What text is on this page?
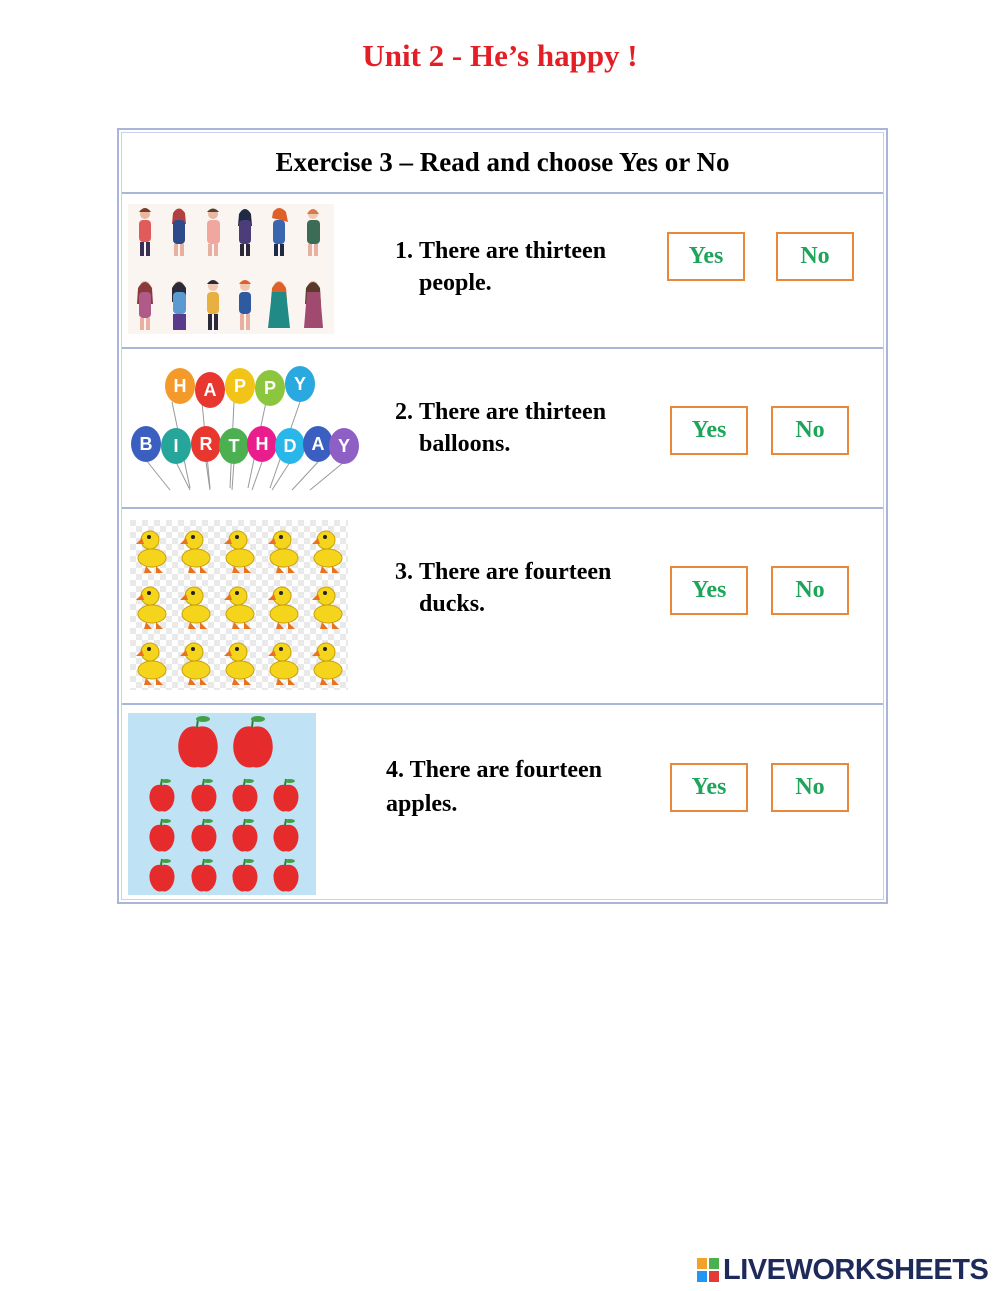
Unit 2 - He’s happy !
Exercise 3 – Read and choose Yes or No
1. There are thirteen people.
Yes	No
H A P P Y
B I R T H D A Y
2. There are thirteen balloons.
Yes	No
3. There are fourteen ducks.
Yes	No
4. There are fourteen apples.
Yes	No
LIVEWORKSHEETS
